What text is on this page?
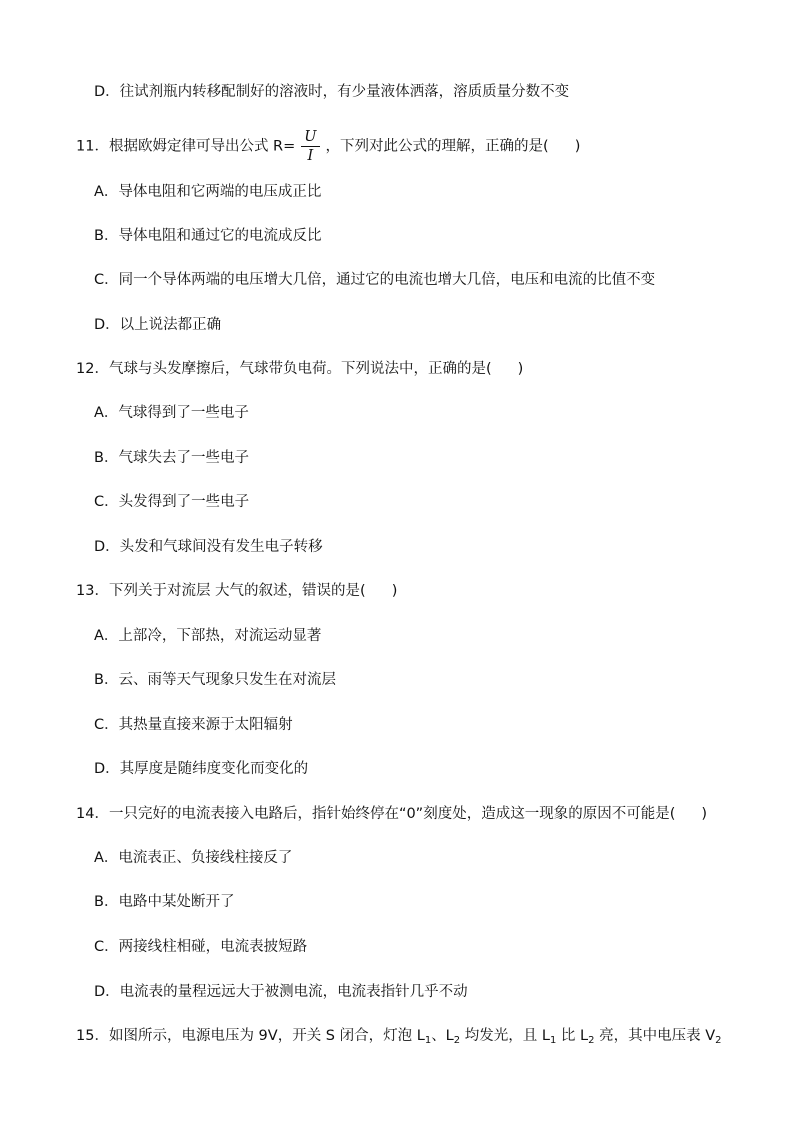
D．往试剂瓶内转移配制好的溶液时，有少量液体洒落，溶质质量分数不变
11．根据欧姆定律可导出公式 $R= \frac{U}{I}$ ，下列对此公式的理解，正确的是( )
A．导体电阻和它两端的电压成正比
B．导体电阻和通过它的电流成反比
C．同一个导体两端的电压增大几倍，通过它的电流也增大几倍，电压和电流的比值不变
D．以上说法都正确
12．气球与头发摩擦后，气球带负电荷。下列说法中，正确的是( )
A．气球得到了一些电子
B．气球失去了一些电子
C．头发得到了一些电子
D．头发和气球间没有发生电子转移
13．下列关于对流层 大气的叙述，错误的是( )
A．上部冷，下部热，对流运动显著
B．云、雨等天气现象只发生在对流层
C．其热量直接来源于太阳辐射
D．其厚度是随纬度变化而变化的
14．一只完好的电流表接入电路后，指针始终停在“0”刻度处，造成这一现象的原因不可能是( )
A．电流表正、负接线柱接反了
B．电路中某处断开了
C．两接线柱相碰，电流表披短路
D．电流表的量程远远大于被测电流，电流表指针几乎不动
15．如图所示，电源电压为 9V，开关 S 闭合，灯泡 $L_1$、$L_2$ 均发光，且 $L_1$ 比 $L_2$ 亮，其中电压表 $V_2$
